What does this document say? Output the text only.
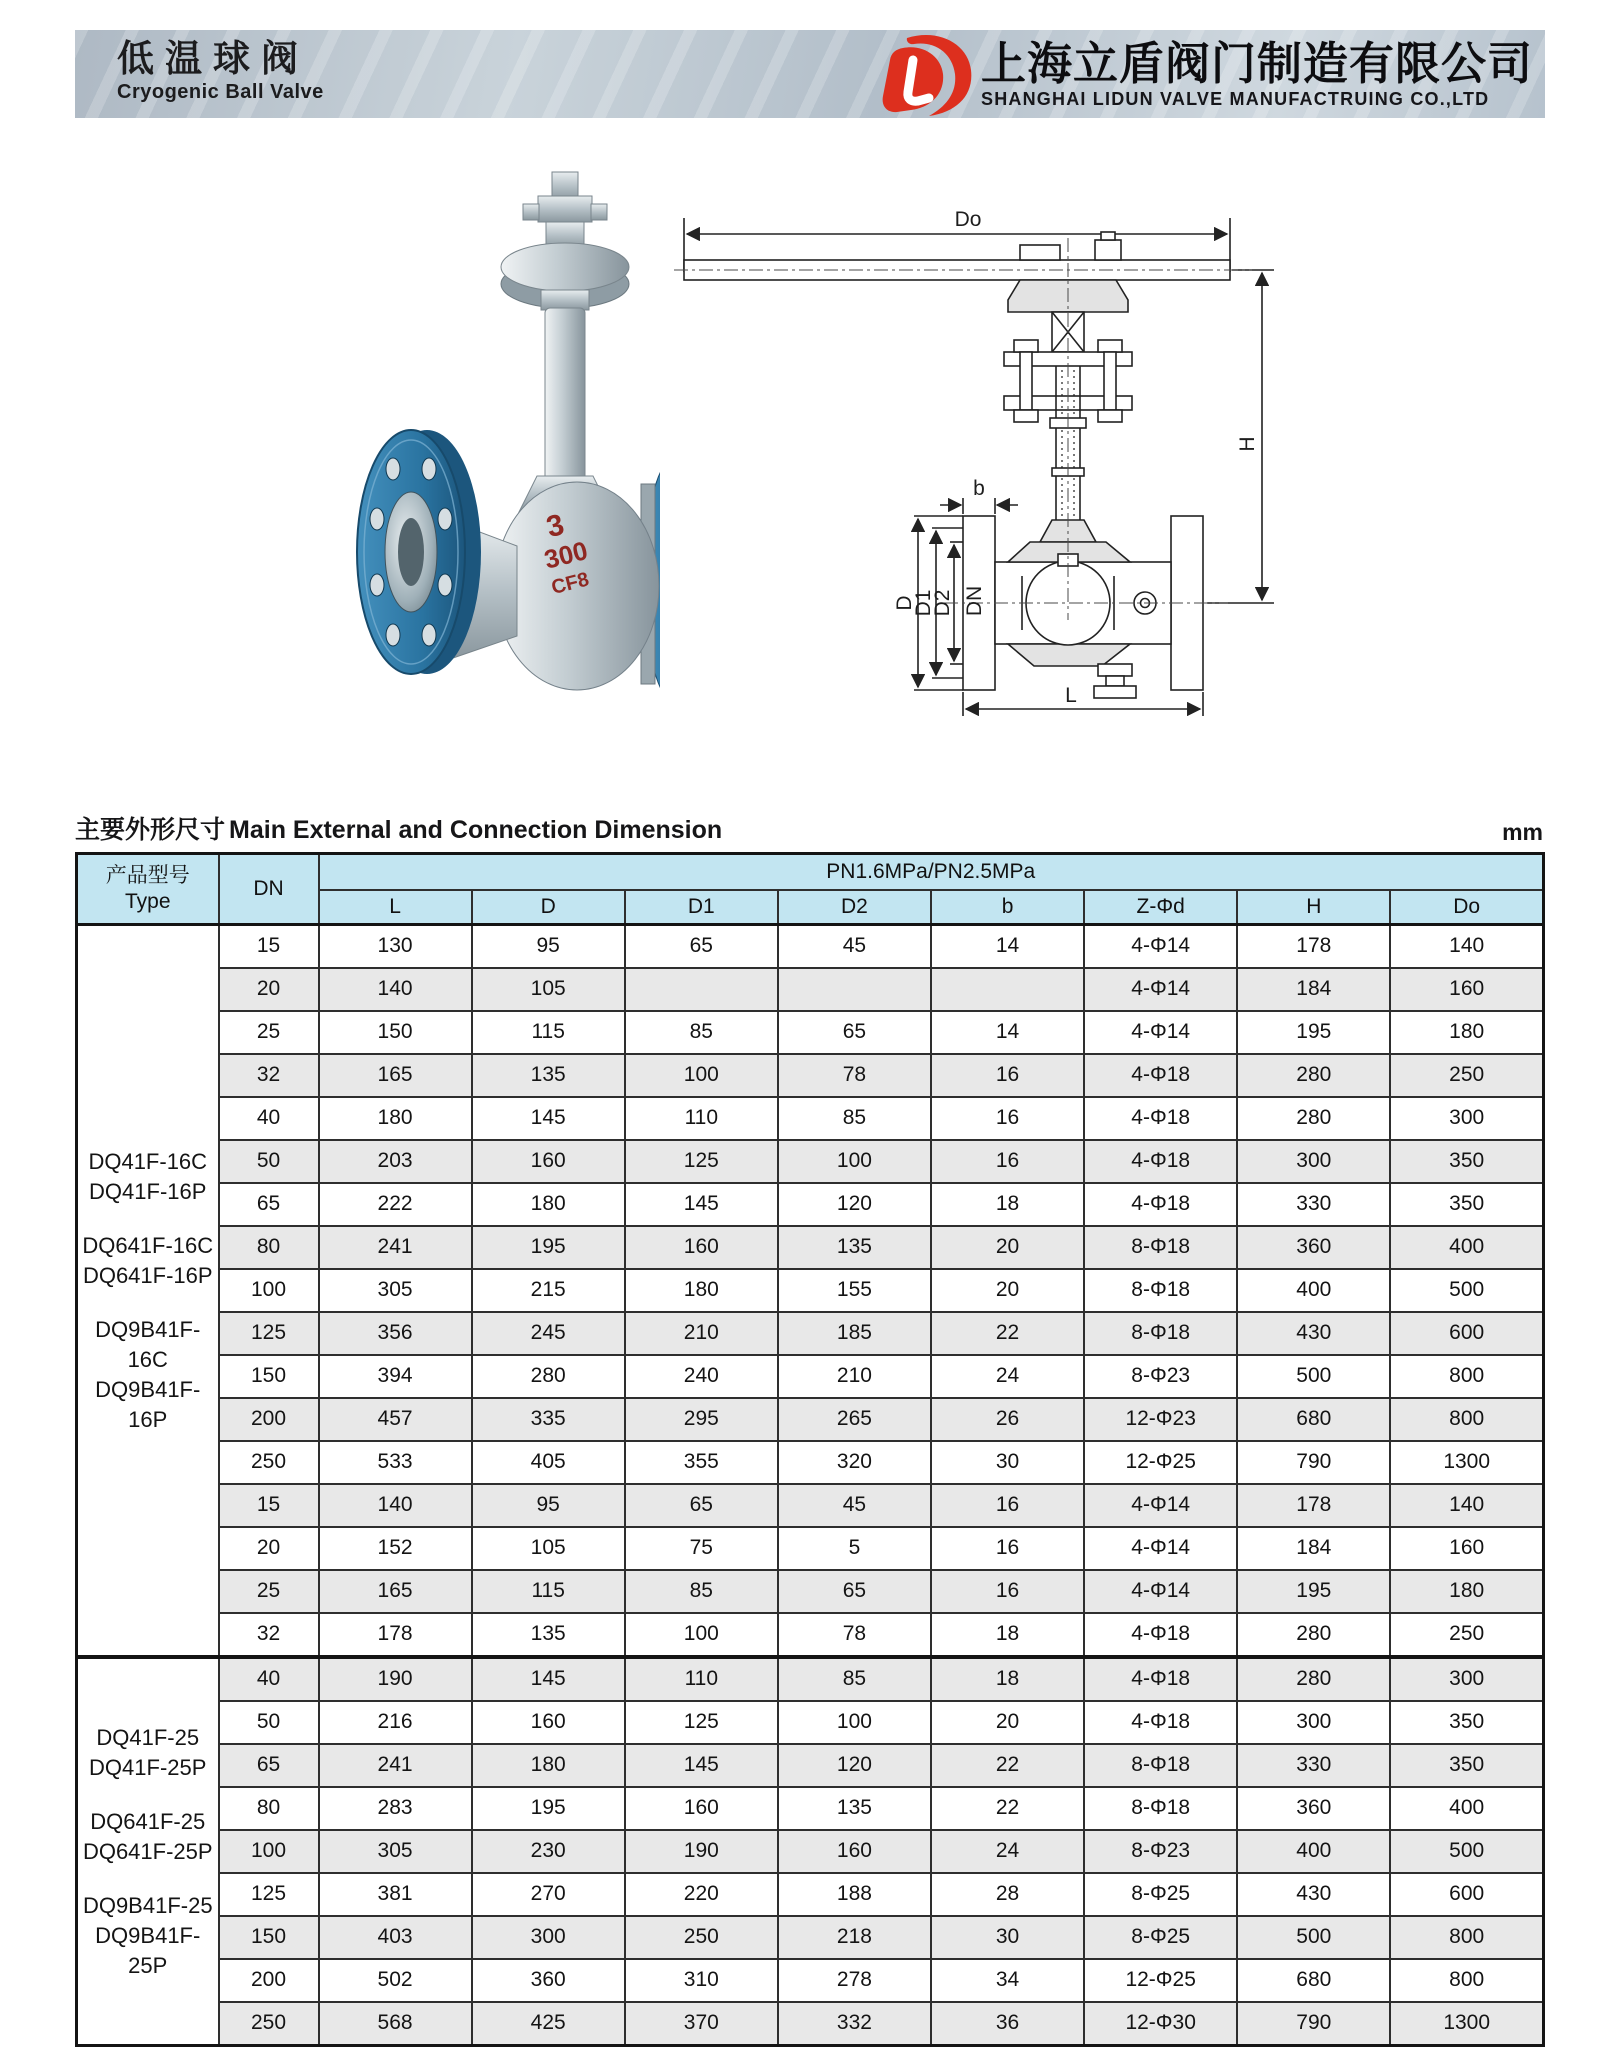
低温球阀
Cryogenic Ball Valve
上海立盾阀门制造有限公司
SHANGHAI LIDUN VALVE MANUFACTRUING CO.,LTD
3
300
CF8
Do
b
D
D1
D2 DN
L
H
主要外形尺寸 Main External and Connection Dimension	mm
产品型号
Type	DN	PN1.6MPa/PN2.5MPa							
		L	D	D1	D2	b	Z-Φd	H	Do

DQ41F-16C
DQ41F-16P
DQ641F-16C
DQ641F-16P
DQ9B41F-16C
DQ9B41F-16P
	15	130	95	65	45	14	4-Φ14	178	140
	20	140	105				4-Φ14	184	160
	25	150	115	85	65	14	4-Φ14	195	180
	32	165	135	100	78	16	4-Φ18	280	250
	40	180	145	110	85	16	4-Φ18	280	300
	50	203	160	125	100	16	4-Φ18	300	350
	65	222	180	145	120	18	4-Φ18	330	350
	80	241	195	160	135	20	8-Φ18	360	400
	100	305	215	180	155	20	8-Φ18	400	500
	125	356	245	210	185	22	8-Φ18	430	600
	150	394	280	240	210	24	8-Φ23	500	800
	200	457	335	295	265	26	12-Φ23	680	800
	250	533	405	355	320	30	12-Φ25	790	1300
	15	140	95	65	45	16	4-Φ14	178	140
	20	152	105	75	5	16	4-Φ14	184	160
	25	165	115	85	65	16	4-Φ14	195	180
	32	178	135	100	78	18	4-Φ18	280	250

DQ41F-25
DQ41F-25P
DQ641F-25
DQ641F-25P
DQ9B41F-25
DQ9B41F-25P
	40	190	145	110	85	18	4-Φ18	280	300
	50	216	160	125	100	20	4-Φ18	300	350
	65	241	180	145	120	22	8-Φ18	330	350
	80	283	195	160	135	22	8-Φ18	360	400
	100	305	230	190	160	24	8-Φ23	400	500
	125	381	270	220	188	28	8-Φ25	430	600
	150	403	300	250	218	30	8-Φ25	500	800
	200	502	360	310	278	34	12-Φ25	680	800
	250	568	425	370	332	36	12-Φ30	790	1300
